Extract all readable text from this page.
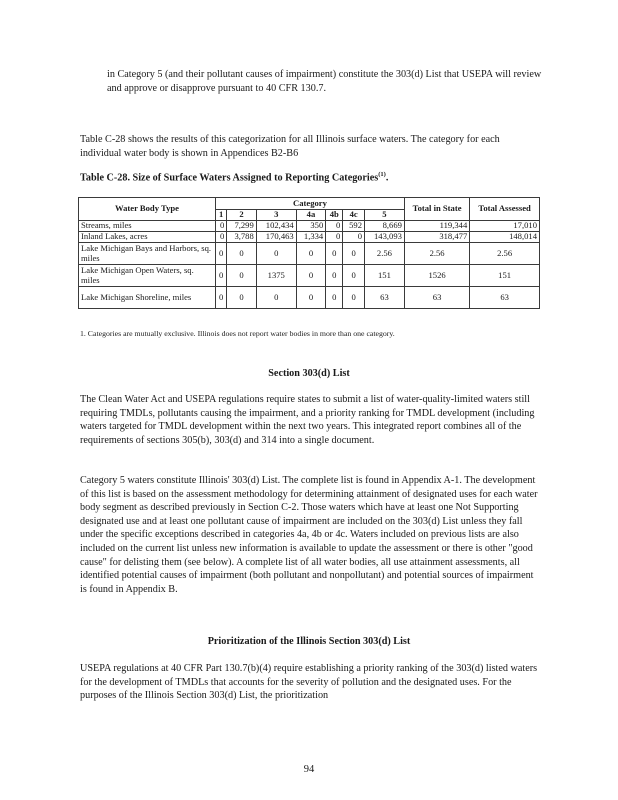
in Category 5 (and their pollutant causes of impairment) constitute the 303(d) List that USEPA will review and approve or disapprove pursuant to 40 CFR 130.7.

Table C-28 shows the results of this categorization for all Illinois surface waters. The category for each individual water body is shown in Appendices B2-B6

Table C-28. Size of Surface Waters Assigned to Reporting Categories$^{(1)}$.

Water Body Type	Category							Total in State	Total Assessed
	1	2	3	4a	4b	4c	5		
Streams, miles	0	7,299	102,434	350	0	592	8,669	119,344	17,010
Inland Lakes, acres	0	3,788	170,463	1,334	0	0	143,093	318,477	148,014
Lake Michigan Bays and Harbors, sq. miles	0	0	0	0	0	0	2.56	2.56	2.56
Lake Michigan Open Waters, sq. miles	0	0	1375	0	0	0	151	1526	151
Lake Michigan Shoreline, miles	0	0	0	0	0	0	63	63	63

1. Categories are mutually exclusive. Illinois does not report water bodies in more than one category.

Section 303(d) List

The Clean Water Act and USEPA regulations require states to submit a list of water-quality-limited waters still requiring TMDLs, pollutants causing the impairment, and a priority ranking for TMDL development (including waters targeted for TMDL development within the next two years. This integrated report combines all of the requirements of sections 305(b), 303(d) and 314 into a single document.

Category 5 waters constitute Illinois' 303(d) List. The complete list is found in Appendix A-1. The development of this list is based on the assessment methodology for determining attainment of designated uses for each water body segment as described previously in Section C-2. Those waters which have at least one Not Supporting designated use and at least one pollutant cause of impairment are included on the 303(d) List unless they fall under the specific exceptions described in categories 4a, 4b or 4c. Waters included on previous lists are also included on the current list unless new information is available to update the assessment or there is other "good cause" for delisting them (see below). A complete list of all water bodies, all use attainment assessments, all identified potential causes of impairment (both pollutant and nonpollutant) and potential sources of impairment is found in Appendix B.

Prioritization of the Illinois Section 303(d) List

USEPA regulations at 40 CFR Part 130.7(b)(4) require establishing a priority ranking of the 303(d) listed waters for the development of TMDLs that accounts for the severity of pollution and the designated uses. For the purposes of the Illinois Section 303(d) List, the prioritization

94
